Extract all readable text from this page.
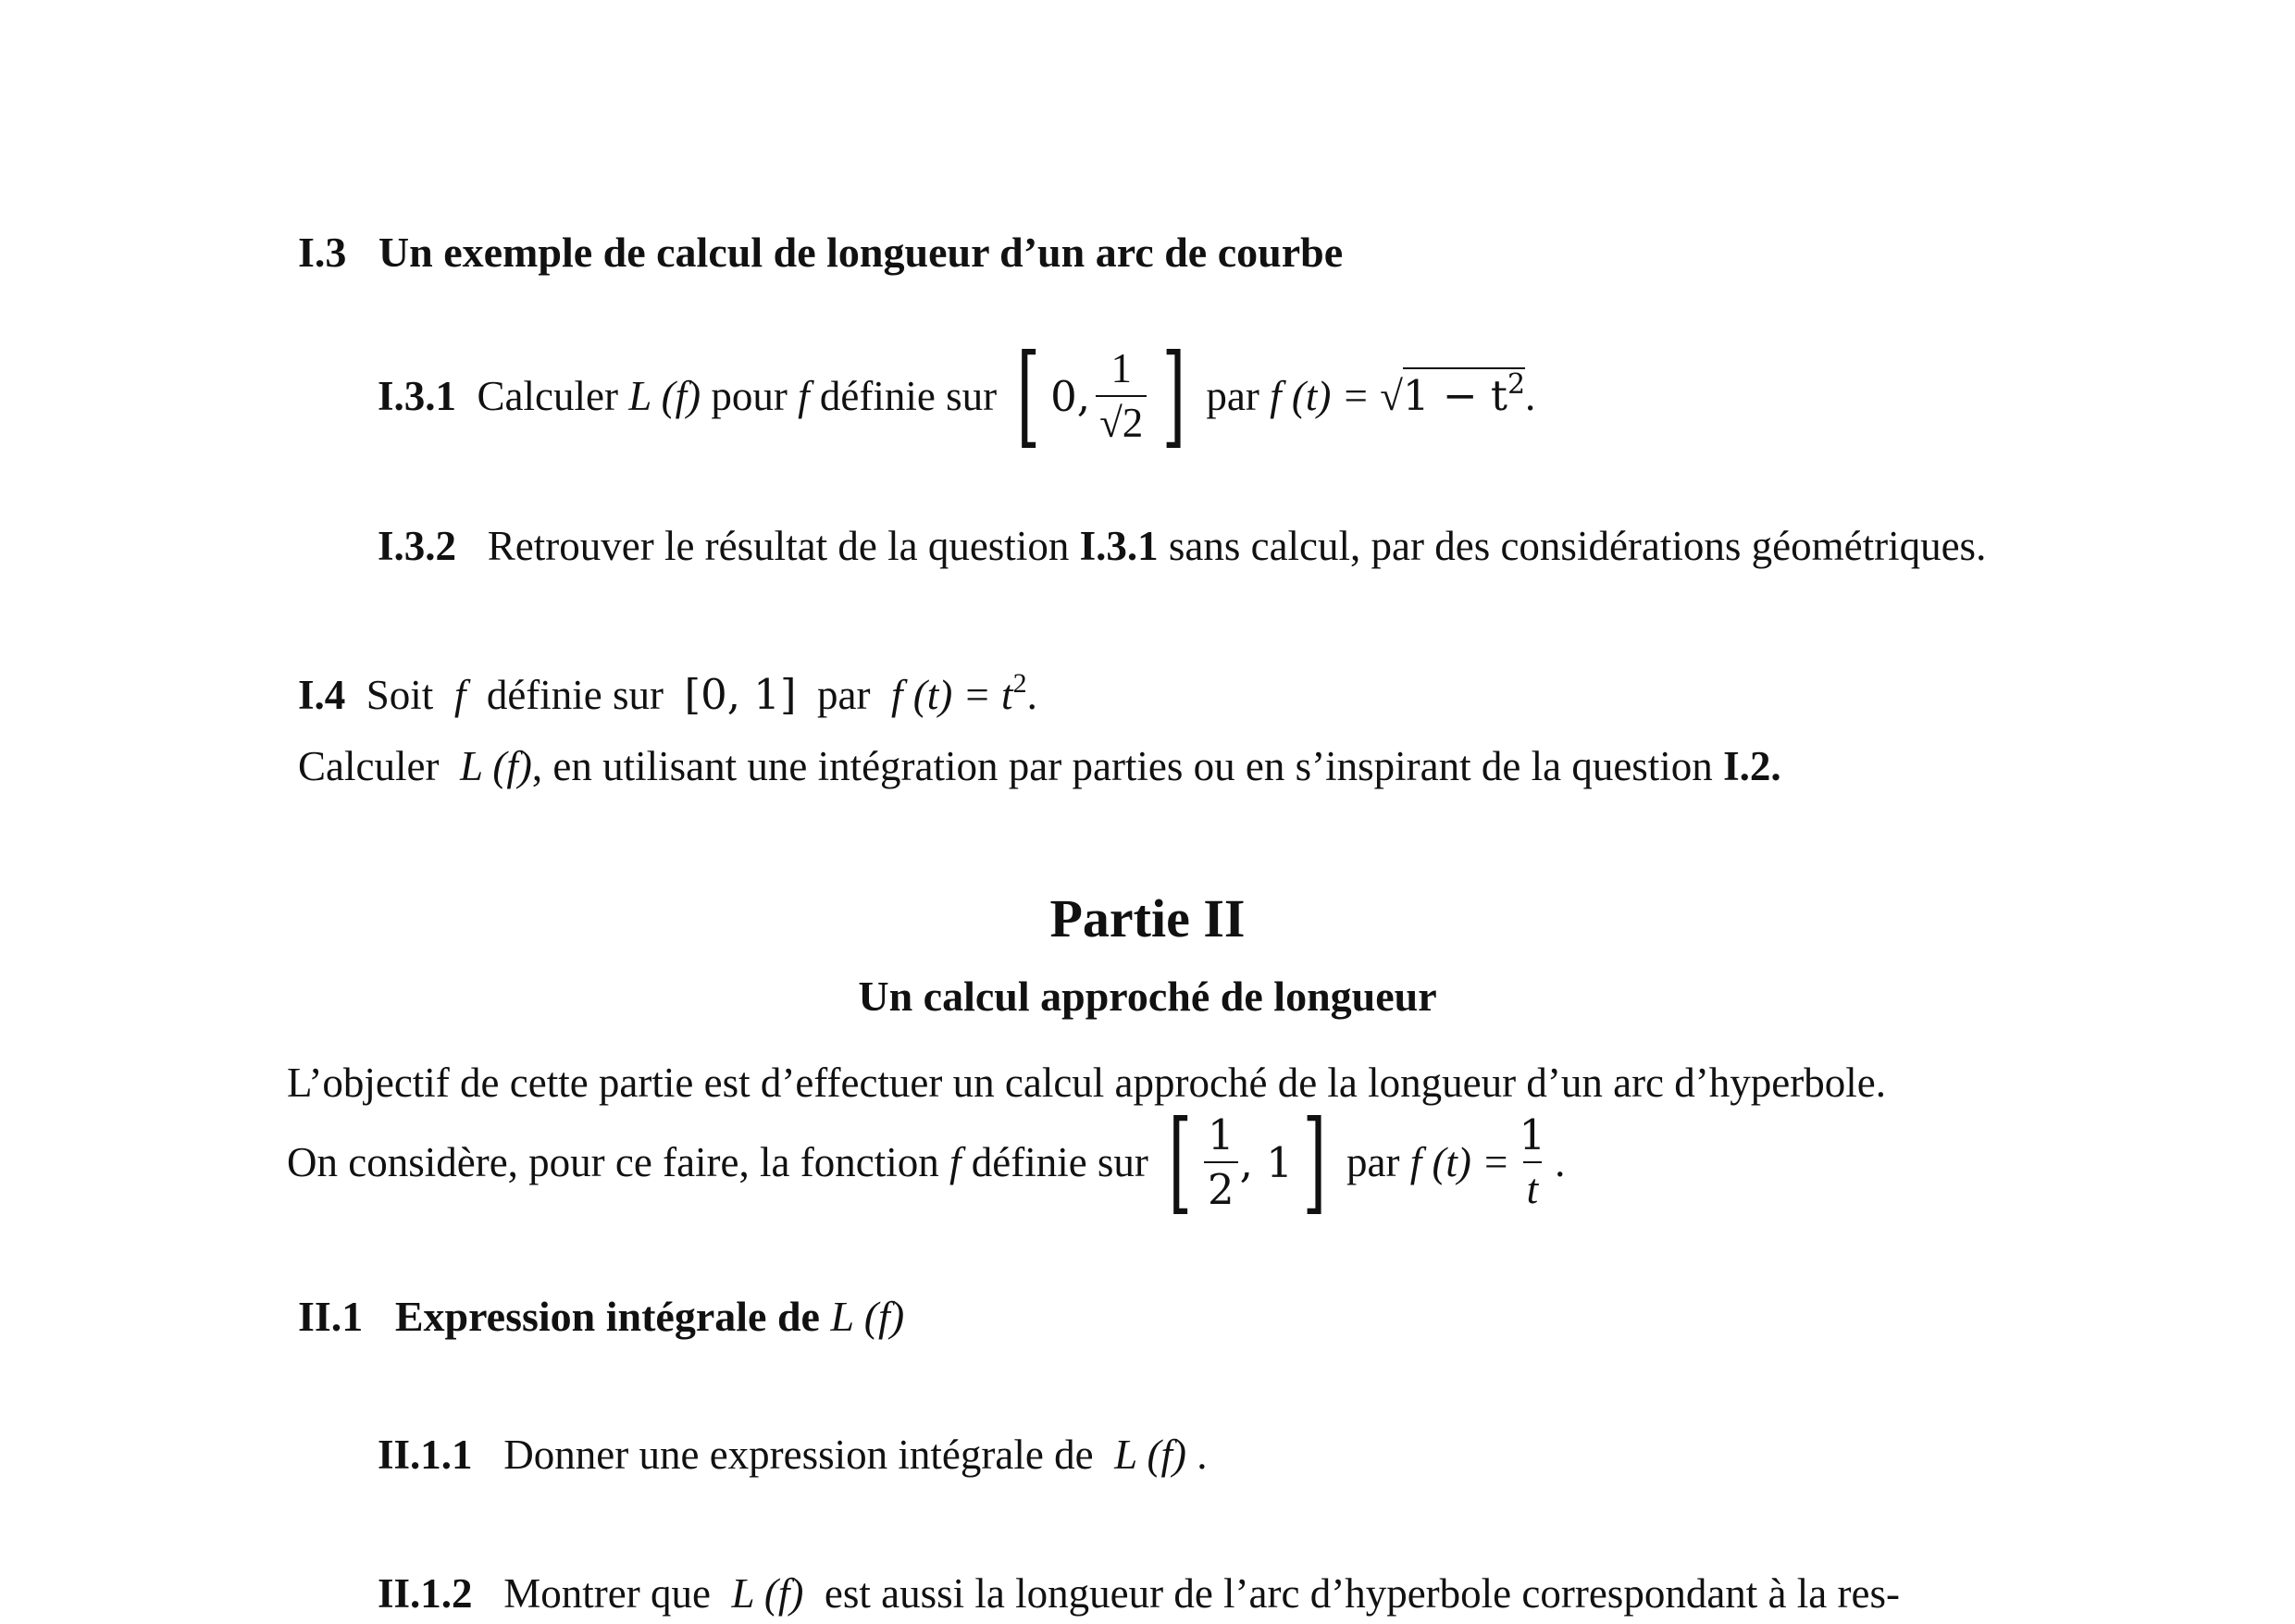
I.3 Un exemple de calcul de longueur d’un arc de courbe
I.3.1
Calculer
L (f)
pour
f
définie sur
[ 0, $\frac{1}{√2}$ ]
par
f (t) =
$√1 - t^2$ .
I.3.2 Retrouver le résultat de la question I.3.1 sans calcul, par des considérations géométriques.
I.4 Soit f définie sur [0, 1] par f $(t) = t^2$.
Calculer L (f), en utilisant une intégration par parties ou en s’inspirant de la question I.2.
Partie II
Un calcul approché de longueur
L’objectif de cette partie est d’effectuer un calcul approché de la longueur d’un arc d’hyperbole.
On considère, pour ce faire, la fonction
f
définie sur
[ $\frac{1}{2}$ , 1 ]
par
f $(t) = \frac{1}{t}$ .
II.1 Expression intégrale de L (f)
II.1.1 Donner une expression intégrale de L (f) .
II.1.2 Montrer que L (f) est aussi la longueur de l’arc d’hyperbole correspondant à la res-
